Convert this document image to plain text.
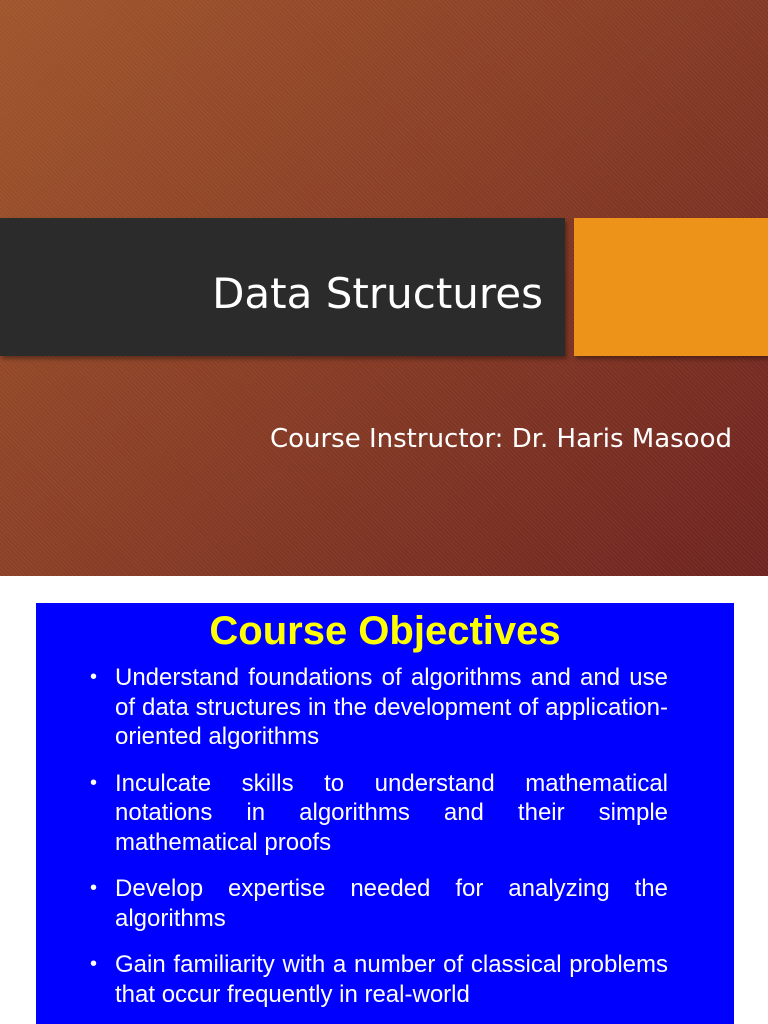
Data Structures
Course Instructor: Dr. Haris Masood
Course Objectives
• Understand foundations of algorithms and and use of data structures in the development of application-oriented algorithms
• Inculcate skills to understand mathematical notations in algorithms and their simple mathematical proofs
• Develop expertise needed for analyzing the algorithms
• Gain familiarity with a number of classical problems that occur frequently in real-world
